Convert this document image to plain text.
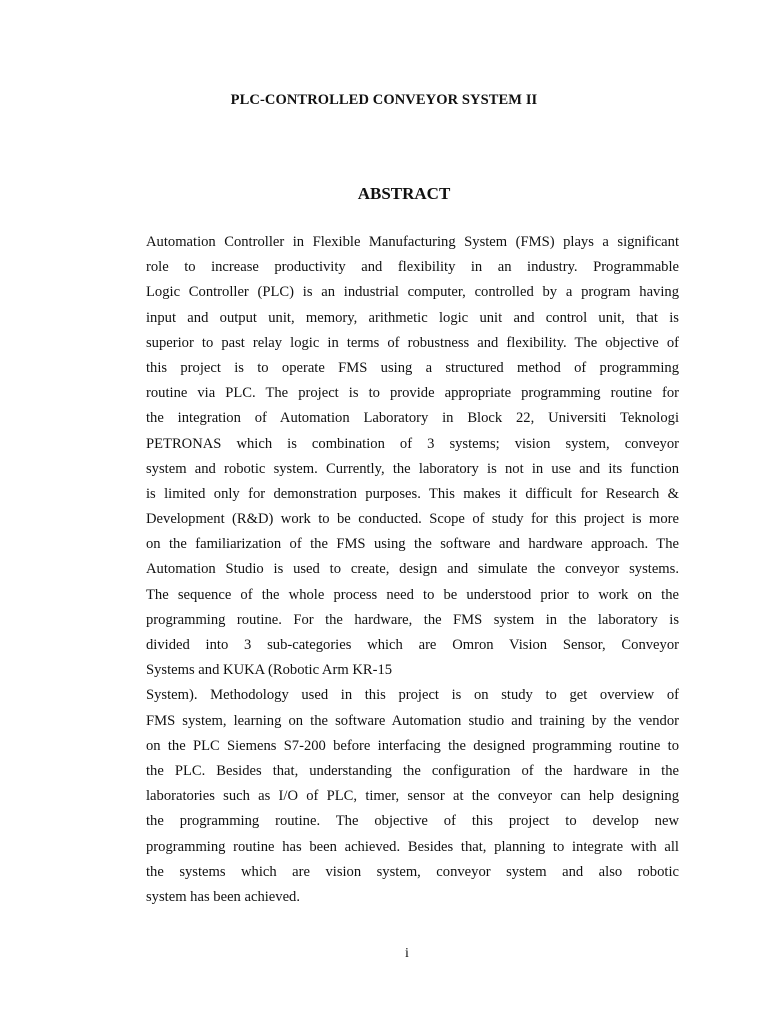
PLC-CONTROLLED CONVEYOR SYSTEM II
ABSTRACT
Automation Controller in Flexible Manufacturing System (FMS) plays a significant
role to increase productivity and flexibility in an industry. Programmable
Logic Controller (PLC) is an industrial computer, controlled by a program having
input and output unit, memory, arithmetic logic unit and control unit, that is
superior to past relay logic in terms of robustness and flexibility. The objective of
this project is to operate FMS using a structured method of programming
routine via PLC. The project is to provide appropriate programming routine for
the integration of Automation Laboratory in Block 22, Universiti Teknologi
PETRONAS which is combination of 3 systems; vision system, conveyor
system and robotic system. Currently, the laboratory is not in use and its function
is limited only for demonstration purposes. This makes it difficult for Research &
Development (R&D) work to be conducted. Scope of study for this project is more
on the familiarization of the FMS using the software and hardware approach. The
Automation Studio is used to create, design and simulate the conveyor systems.
The sequence of the whole process need to be understood prior to work on the
programming routine. For the hardware, the FMS system in the laboratory is
divided into 3 sub-categories which are Omron Vision Sensor, Conveyor
Systems and KUKA (Robotic Arm KR-15
System). Methodology used in this project is on study to get overview of
FMS system, learning on the software Automation studio and training by the vendor
on the PLC Siemens S7-200 before interfacing the designed programming routine to
the PLC. Besides that, understanding the configuration of the hardware in the
laboratories such as I/O of PLC, timer, sensor at the conveyor can help designing
the programming routine. The objective of this project to develop new
programming routine has been achieved. Besides that, planning to integrate with all
the systems which are vision system, conveyor system and also robotic
system has been achieved.
i
